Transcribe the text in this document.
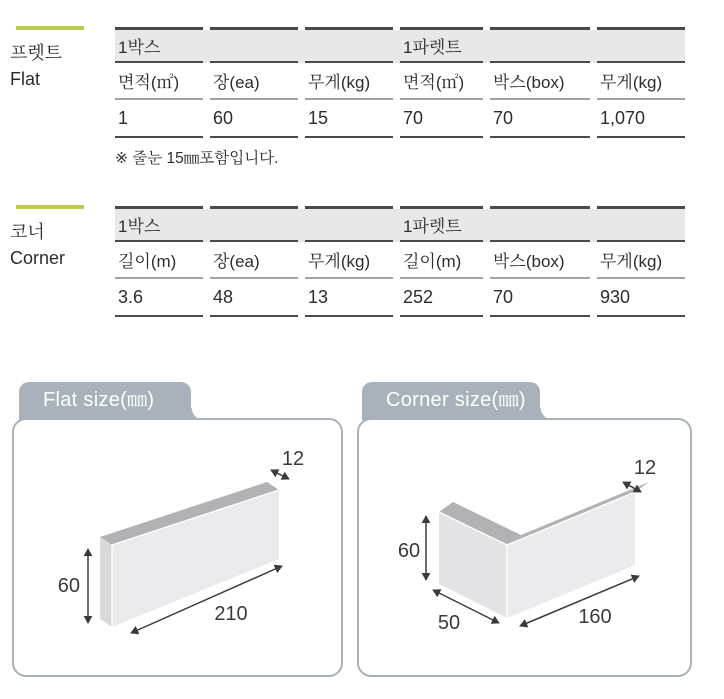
프렛트
Flat
1박스			1파렛트		
면적(㎡)	장(ea)	무게(kg)	면적(㎡)	박스(box)	무게(kg)
1	60	15	70	70	1,070
※ 줄눈 15㎜포함입니다.
코너
Corner
1박스			1파렛트		
길이(m)	장(ea)	무게(kg)	길이(m)	박스(box)	무게(kg)
3.6	48	13	252	70	930
Flat size(㎜)
60
210
12
Corner size(㎜)
60
50	160
12
